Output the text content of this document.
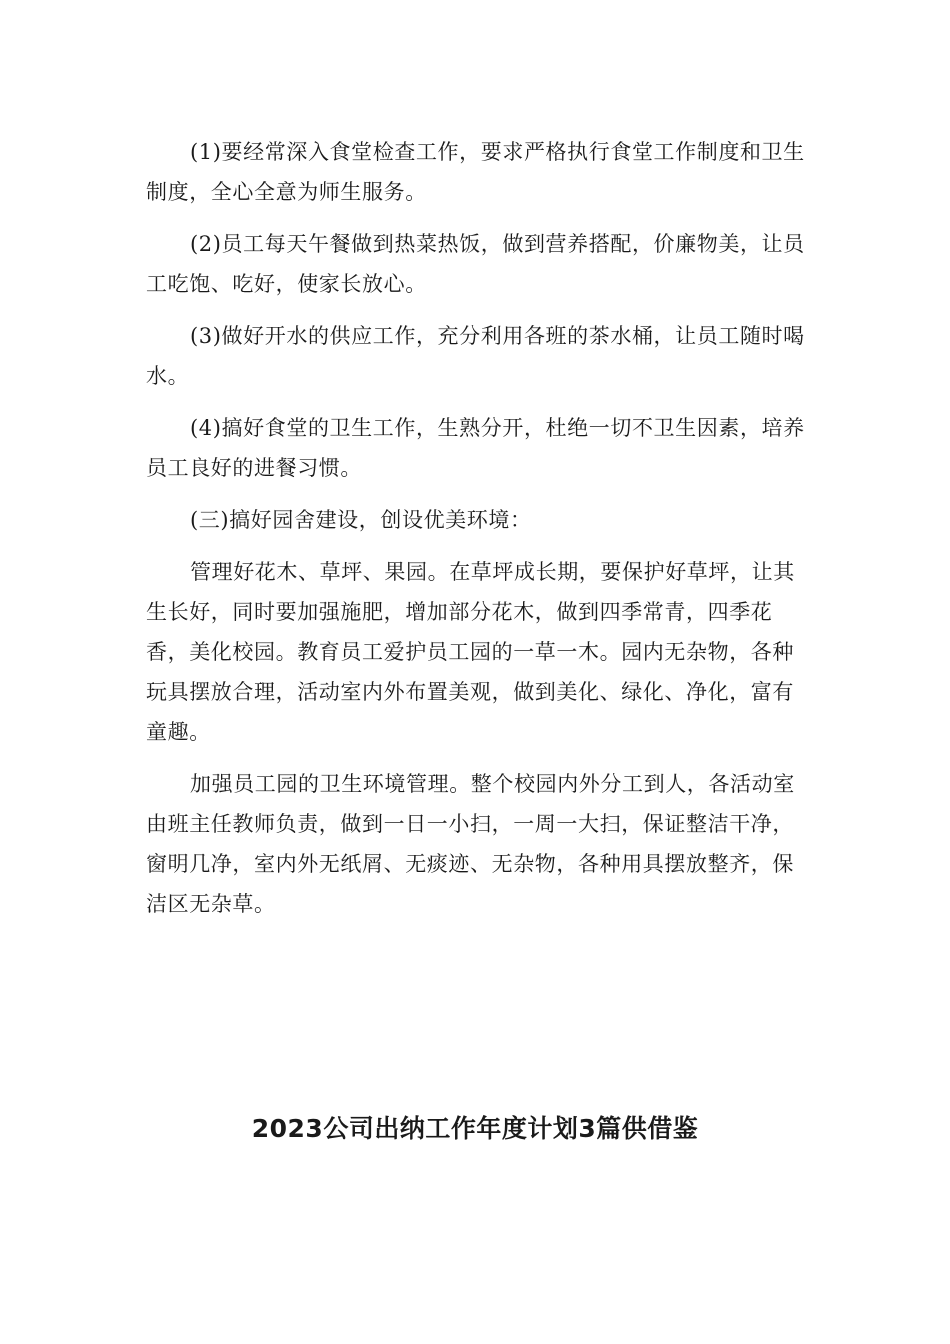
(1)要经常深入食堂检查工作，要求严格执行食堂工作制度和卫生制度，全心全意为师生服务。

(2)员工每天午餐做到热菜热饭，做到营养搭配，价廉物美，让员工吃饱、吃好，使家长放心。

(3)做好开水的供应工作，充分利用各班的茶水桶，让员工随时喝水。

(4)搞好食堂的卫生工作，生熟分开，杜绝一切不卫生因素，培养员工良好的进餐习惯。

(三)搞好园舍建设，创设优美环境：

管理好花木、草坪、果园。在草坪成长期，要保护好草坪，让其生长好，同时要加强施肥，增加部分花木，做到四季常青，四季花香，美化校园。教育员工爱护员工园的一草一木。园内无杂物，各种玩具摆放合理，活动室内外布置美观，做到美化、绿化、净化，富有童趣。

加强员工园的卫生环境管理。整个校园内外分工到人，各活动室由班主任教师负责，做到一日一小扫，一周一大扫，保证整洁干净，窗明几净，室内外无纸屑、无痰迹、无杂物，各种用具摆放整齐，保洁区无杂草。

2023公司出纳工作年度计划3篇供借鉴
